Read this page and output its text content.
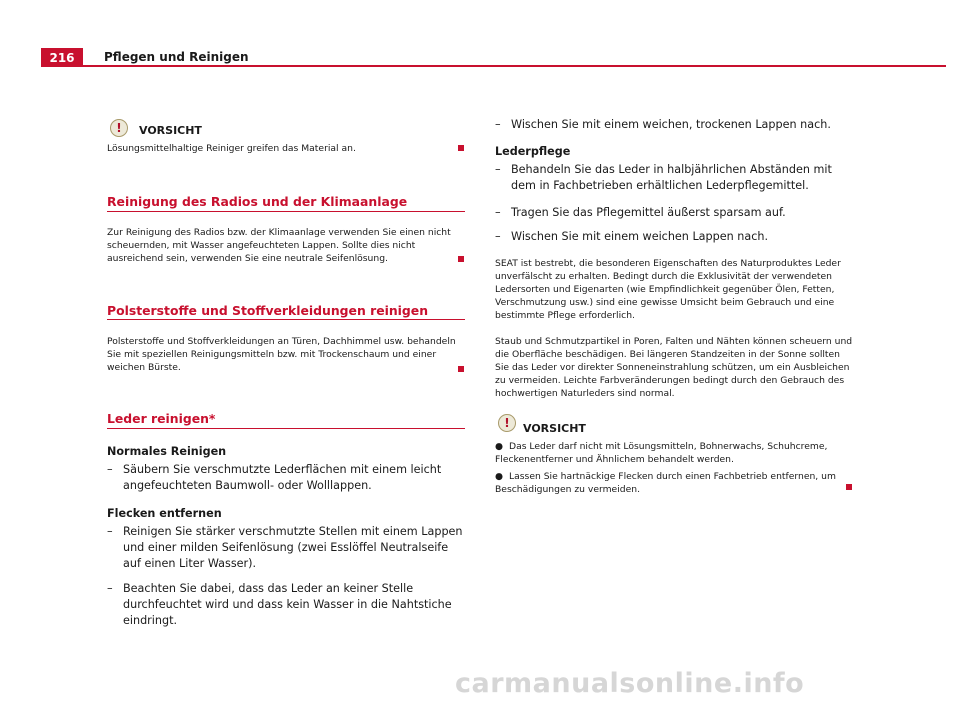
216	Pflegen und Reinigen
!	VORSICHT
Lösungsmittelhaltige Reiniger greifen das Material an.
Reinigung des Radios und der Klimaanlage
Zur Reinigung des Radios bzw. der Klimaanlage verwenden Sie einen nicht scheuernden, mit Wasser angefeuchteten Lappen. Sollte dies nicht ausreichend sein, verwenden Sie eine neutrale Seifenlösung.
Polsterstoffe und Stoffverkleidungen reinigen
Polsterstoffe und Stoffverkleidungen an Türen, Dachhimmel usw. behandeln Sie mit speziellen Reinigungsmitteln bzw. mit Trockenschaum und einer weichen Bürste.
Leder reinigen*
Normales Reinigen
– Säubern Sie verschmutzte Lederflächen mit einem leicht angefeuchteten Baumwoll- oder Wolllappen.
Flecken entfernen
– Reinigen Sie stärker verschmutzte Stellen mit einem Lappen und einer milden Seifenlösung (zwei Esslöffel Neutralseife auf einen Liter Wasser).
– Beachten Sie dabei, dass das Leder an keiner Stelle durchfeuchtet wird und dass kein Wasser in die Nahtstiche eindringt.
– Wischen Sie mit einem weichen, trockenen Lappen nach.
Lederpflege
– Behandeln Sie das Leder in halbjährlichen Abständen mit dem in Fachbetrieben erhältlichen Lederpflegemittel.
– Tragen Sie das Pflegemittel äußerst sparsam auf.
– Wischen Sie mit einem weichen Lappen nach.
SEAT ist bestrebt, die besonderen Eigenschaften des Naturproduktes Leder unverfälscht zu erhalten. Bedingt durch die Exklusivität der verwendeten Ledersorten und Eigenarten (wie Empfindlichkeit gegenüber Ölen, Fetten, Verschmutzung usw.) sind eine gewisse Umsicht beim Gebrauch und eine bestimmte Pflege erforderlich.
Staub und Schmutzpartikel in Poren, Falten und Nähten können scheuern und die Oberfläche beschädigen. Bei längeren Standzeiten in der Sonne sollten Sie das Leder vor direkter Sonneneinstrahlung schützen, um ein Ausbleichen zu vermeiden. Leichte Farbveränderungen bedingt durch den Gebrauch des hochwertigen Naturleders sind normal.
!	VORSICHT
● Das Leder darf nicht mit Lösungsmitteln, Bohnerwachs, Schuhcreme, Fleckenentferner und Ähnlichem behandelt werden.
● Lassen Sie hartnäckige Flecken durch einen Fachbetrieb entfernen, um Beschädigungen zu vermeiden.
carmanualsonline.info
